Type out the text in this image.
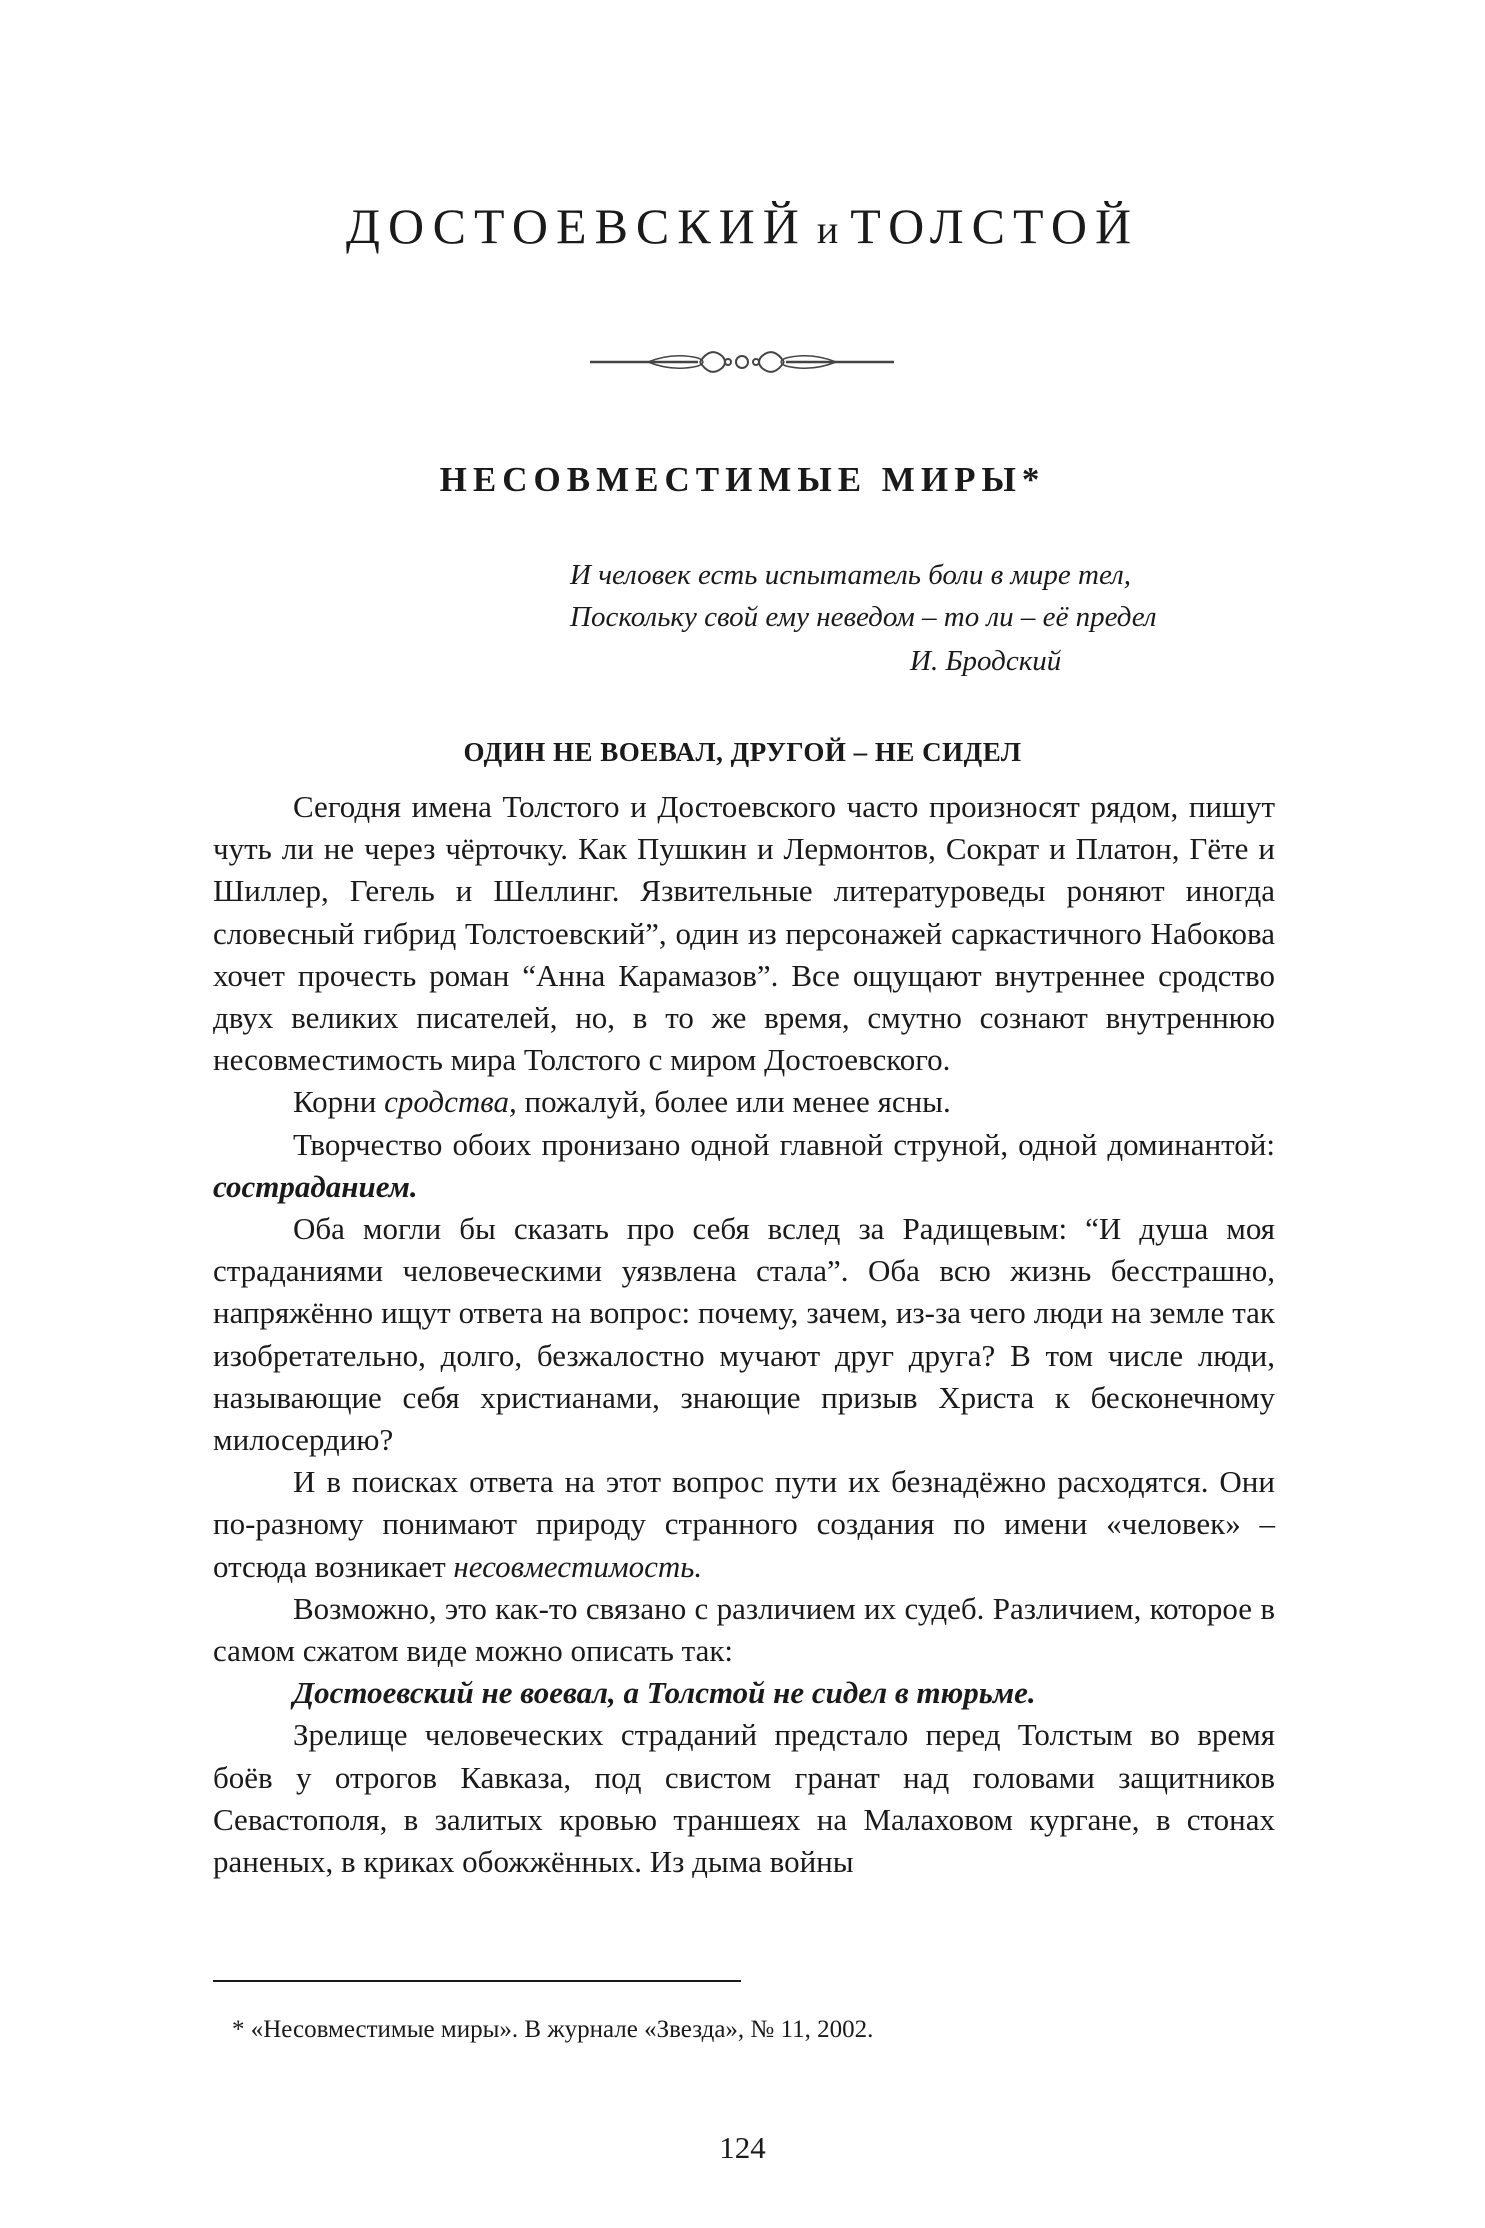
ДОСТОЕВСКИЙ и ТОЛСТОЙ
НЕСОВМЕСТИМЫЕ МИРЫ*
И человек есть испытатель боли в мире тел,
Поскольку свой ему неведом – то ли – её предел
И. Бродский
ОДИН НЕ ВОЕВАЛ, ДРУГОЙ – НЕ СИДЕЛ

Сегодня имена Толстого и Достоевского часто произносят рядом, пишут чуть ли не через чёрточку. Как Пушкин и Лермонтов, Сократ и Платон, Гёте и Шиллер, Гегель и Шеллинг. Язвительные литературоведы роняют иногда словесный гибрид Толстоевский”, один из персонажей саркастичного Набокова хочет прочесть роман “Анна Карамазов”. Все ощущают внутреннее сродство двух великих писателей, но, в то же время, смутно сознают внутреннюю несовместимость мира Толстого с миром Достоевского.

Корни сродства, пожалуй, более или менее ясны.

Творчество обоих пронизано одной главной струной, одной доминантой: состраданием.

Оба могли бы сказать про себя вслед за Радищевым: “И душа моя страданиями человеческими уязвлена стала”. Оба всю жизнь бесстрашно, напряжённо ищут ответа на вопрос: почему, зачем, из-за чего люди на земле так изобретательно, долго, безжалостно мучают друг друга? В том числе люди, называющие себя христианами, знающие призыв Христа к бесконечному милосердию?

И в поисках ответа на этот вопрос пути их безнадёжно расходятся. Они по-разному понимают природу странного создания по имени «человек» – отсюда возникает несовместимость.

Возможно, это как-то связано с различием их судеб. Различием, которое в самом сжатом виде можно описать так:

Достоевский не воевал, а Толстой не сидел в тюрьме.

Зрелище человеческих страданий предстало перед Толстым во время боёв у отрогов Кавказа, под свистом гранат над головами защитников Севастополя, в залитых кровью траншеях на Малаховом кургане, в стонах раненых, в криках обожжённых. Из дыма войны

* «Несовместимые миры». В журнале «Звезда», № 11, 2002.
124
